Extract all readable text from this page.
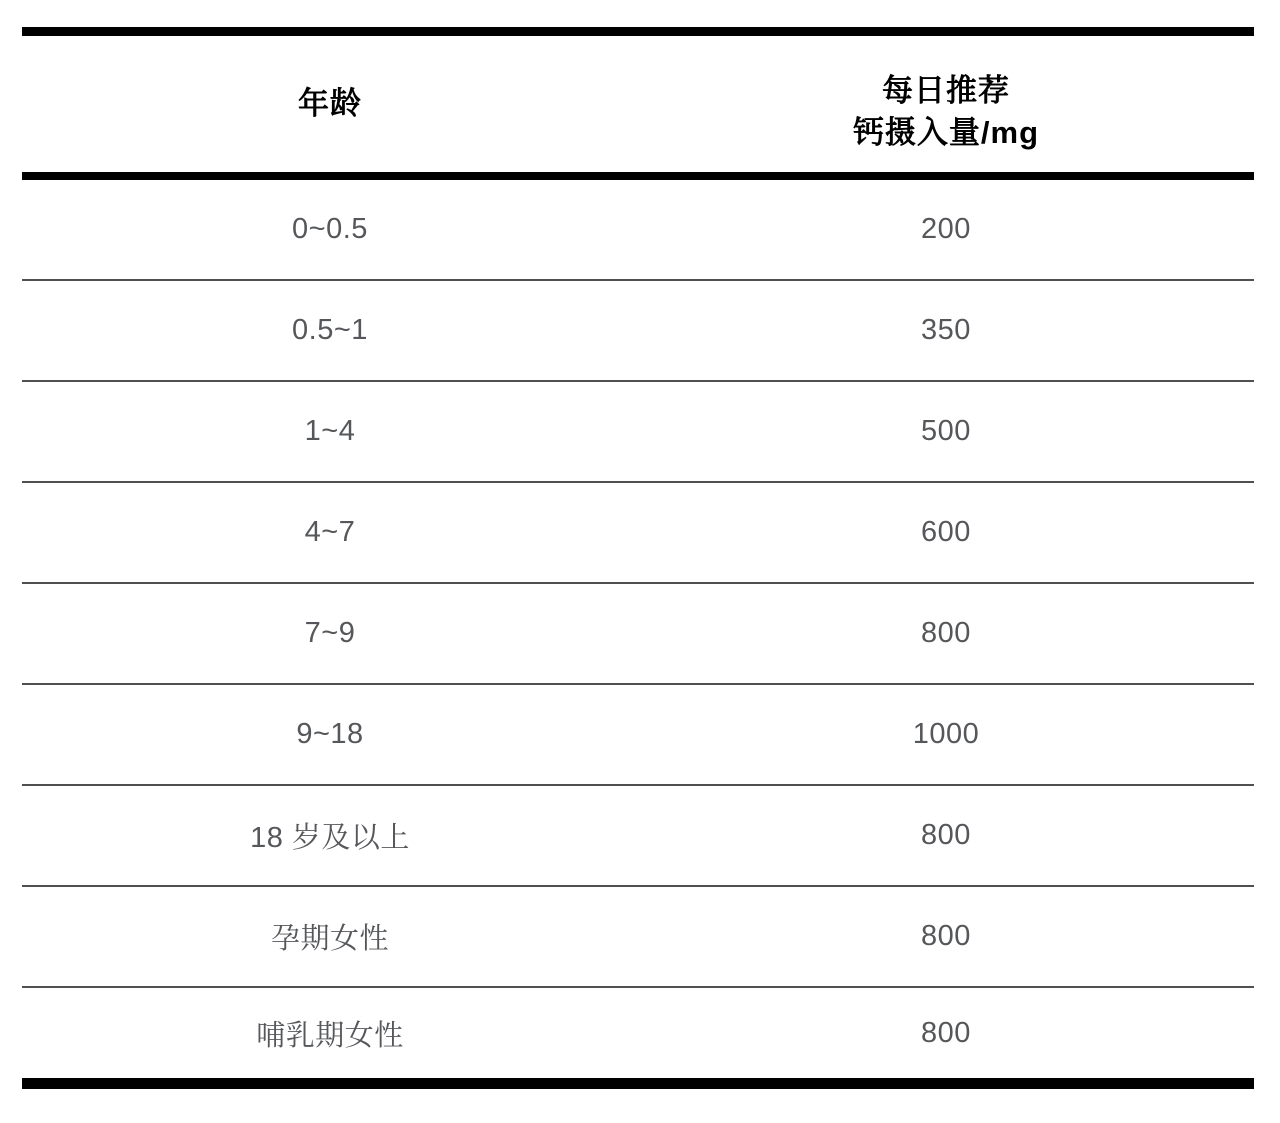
年龄	每日推荐
钙摄入量/mg
0~0.5	200
0.5~1	350
1~4	500
4~7	600
7~9	800
9~18	1000
18 岁及以上	800
孕期女性	800
哺乳期女性	800
